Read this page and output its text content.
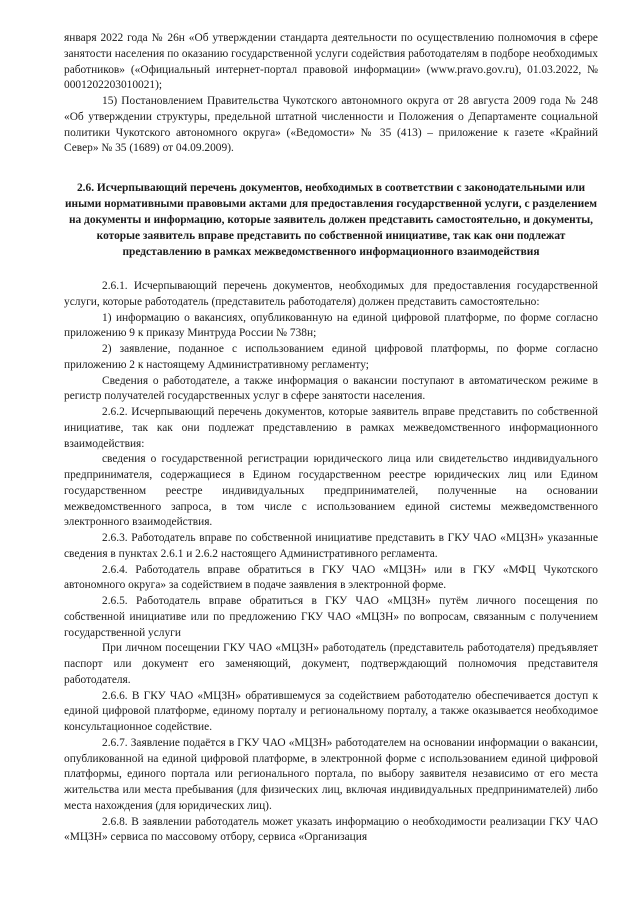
января 2022 года № 26н «Об утверждении стандарта деятельности по осуществлению полномочия в сфере занятости населения по оказанию государственной услуги содействия работодателям в подборе необходимых работников» («Официальный интернет-портал правовой информации» (www.pravo.gov.ru), 01.03.2022, № 0001202203010021);

15) Постановлением Правительства Чукотского автономного округа от 28 августа 2009 года № 248 «Об утверждении структуры, предельной штатной численности и Положения о Департаменте социальной политики Чукотского автономного округа» («Ведомости» № 35 (413) – приложение к газете «Крайний Север» № 35 (1689) от 04.09.2009).

2.6. Исчерпывающий перечень документов, необходимых в соответствии с законодательными или иными нормативными правовыми актами для предоставления государственной услуги, с разделением на документы и информацию, которые заявитель должен представить самостоятельно, и документы, которые заявитель вправе представить по собственной инициативе, так как они подлежат представлению в рамках межведомственного информационного взаимодействия

2.6.1. Исчерпывающий перечень документов, необходимых для предоставления государственной услуги, которые работодатель (представитель работодателя) должен представить самостоятельно:

1) информацию о вакансиях, опубликованную на единой цифровой платформе, по форме согласно приложению 9 к приказу Минтруда России № 738н;

2) заявление, поданное с использованием единой цифровой платформы, по форме согласно приложению 2 к настоящему Административному регламенту;

Сведения о работодателе, а также информация о вакансии поступают в автоматическом режиме в регистр получателей государственных услуг в сфере занятости населения.

2.6.2. Исчерпывающий перечень документов, которые заявитель вправе представить по собственной инициативе, так как они подлежат представлению в рамках межведомственного информационного взаимодействия:

сведения о государственной регистрации юридического лица или свидетельство индивидуального предпринимателя, содержащиеся в Едином государственном реестре юридических лиц или Едином государственном реестре индивидуальных предпринимателей, полученные на основании межведомственного запроса, в том числе с использованием единой системы межведомственного электронного взаимодействия.

2.6.3. Работодатель вправе по собственной инициативе представить в ГКУ ЧАО «МЦЗН» указанные сведения в пунктах 2.6.1 и 2.6.2 настоящего Административного регламента.

2.6.4. Работодатель вправе обратиться в ГКУ ЧАО «МЦЗН» или в ГКУ «МФЦ Чукотского автономного округа» за содействием в подаче заявления в электронной форме.

2.6.5. Работодатель вправе обратиться в ГКУ ЧАО «МЦЗН» путём личного посещения по собственной инициативе или по предложению ГКУ ЧАО «МЦЗН» по вопросам, связанным с получением государственной услуги

При личном посещении ГКУ ЧАО «МЦЗН» работодатель (представитель работодателя) предъявляет паспорт или документ его заменяющий, документ, подтверждающий полномочия представителя работодателя.

2.6.6. В ГКУ ЧАО «МЦЗН» обратившемуся за содействием работодателю обеспечивается доступ к единой цифровой платформе, единому порталу и региональному порталу, а также оказывается необходимое консультационное содействие.

2.6.7. Заявление подаётся в ГКУ ЧАО «МЦЗН» работодателем на основании информации о вакансии, опубликованной на единой цифровой платформе, в электронной форме с использованием единой цифровой платформы, единого портала или регионального портала, по выбору заявителя независимо от его места жительства или места пребывания (для физических лиц, включая индивидуальных предпринимателей) либо места нахождения (для юридических лиц).

2.6.8. В заявлении работодатель может указать информацию о необходимости реализации ГКУ ЧАО «МЦЗН» сервиса по массовому отбору, сервиса «Организация
